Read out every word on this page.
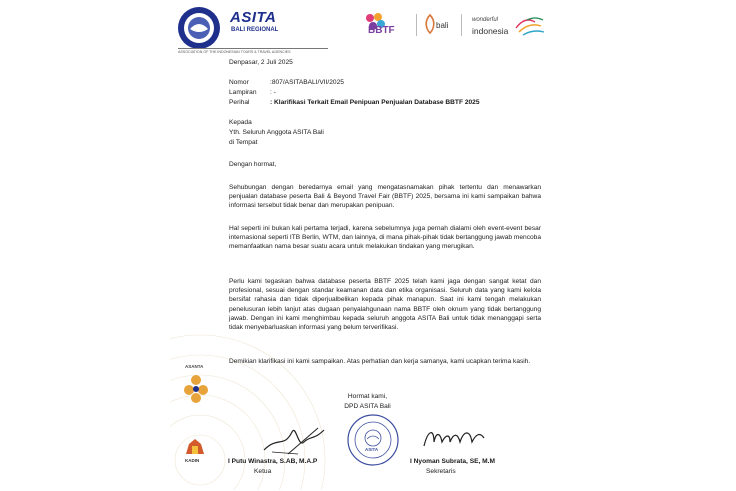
ASITA
BALI REGIONAL
ASSOCIATION OF THE INDONESIAN TOURS & TRAVEL AGENCIES
BBTF	bali
wonderful
indonesia

Denpasar, 2 Juli 2025

Nomor	:807/ASITABALI/VII/2025

Lampiran : -

Perihal	: Klarifikasi Terkait Email Penipuan Penjualan Database BBTF 2025

Kepada

Yth. Seluruh Anggota ASITA Bali

di Tempat

Dengan hormat,

Sehubungan dengan beredarnya email yang mengatasnamakan pihak tertentu dan menawarkan penjualan database peserta Bali & Beyond Travel Fair (BBTF) 2025, bersama ini kami sampaikan bahwa informasi tersebut tidak benar dan merupakan penipuan.

Hal seperti ini bukan kali pertama terjadi, karena sebelumnya juga pernah dialami oleh event-event besar internasional seperti ITB Berlin, WTM, dan lainnya, di mana pihak-pihak tidak bertanggung jawab mencoba memanfaatkan nama besar suatu acara untuk melakukan tindakan yang merugikan.

Perlu kami tegaskan bahwa database peserta BBTF 2025 telah kami jaga dengan sangat ketat dan profesional, sesuai dengan standar keamanan data dan etika organisasi. Seluruh data yang kami kelola bersifat rahasia dan tidak diperjualbelikan kepada pihak manapun. Saat ini kami tengah melakukan penelusuran lebih lanjut atas dugaan penyalahgunaan nama BBTF oleh oknum yang tidak bertanggung jawab. Dengan ini kami menghimbau kepada seluruh anggota ASITA Bali untuk tidak menanggapi serta tidak menyebarluaskan informasi yang belum terverifikasi.

Demikian klarifikasi ini kami sampaikan. Atas perhatian dan kerja samanya, kami ucapkan terima kasih.

Hormat kami,

DPD ASITA Bali

ASITA

I Putu Winastra, S.AB, M.A.P

Ketua

I Nyoman Subrata, SE, M.M

Sekretaris

ASANTA
KADIN
